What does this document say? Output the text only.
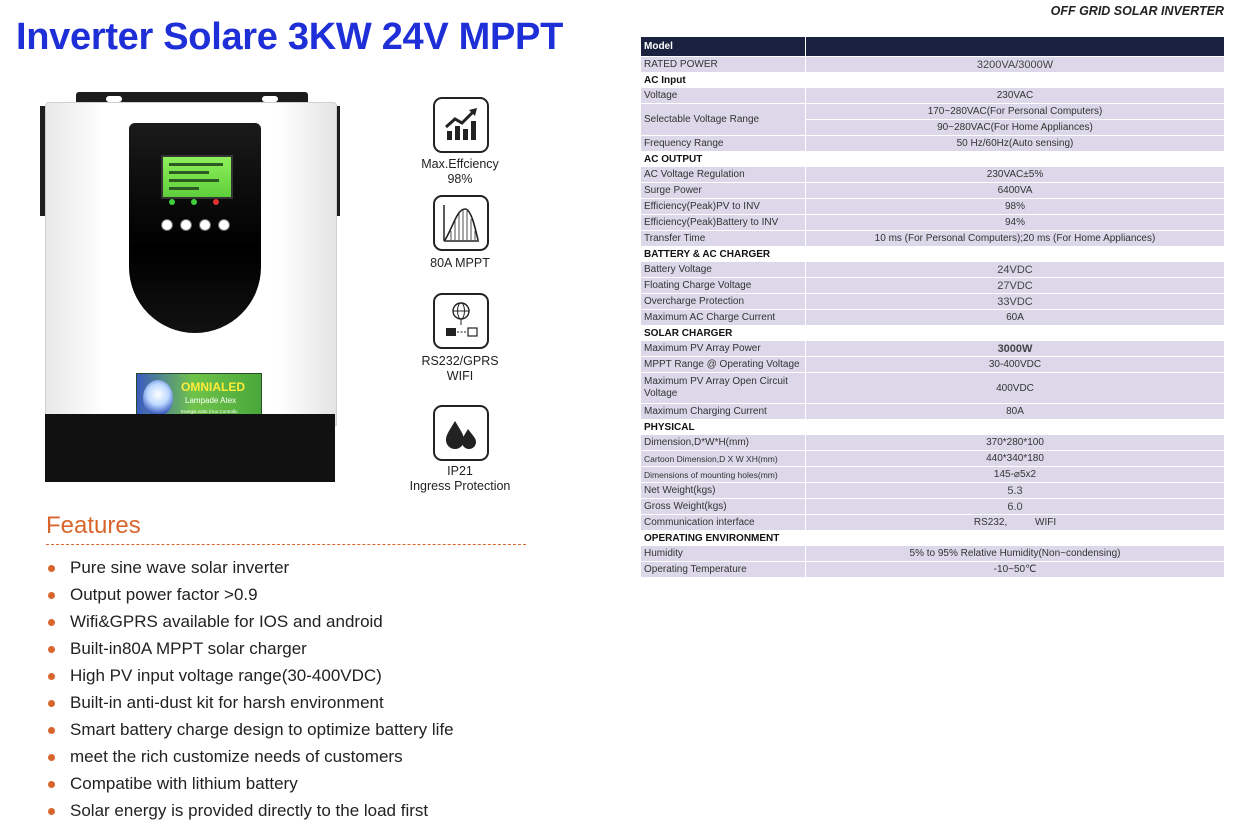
Inverter Solare 3KW 24V MPPT
OFF GRID SOLAR INVERTER
OMNIALED
Lampade Atex
Energia sotto il tuo Controllo
Max.Effciency
98%
80A MPPT
RS232/GPRS
WIFI
IP21
Ingress Protection
Features
Pure sine wave solar inverter
Output power factor >0.9
Wifi&GPRS available for IOS and android
Built-in80A MPPT solar charger
High PV input voltage range(30-400VDC)
Built-in anti-dust kit for harsh environment
Smart battery charge design to optimize battery life
meet the rich customize needs of customers
Compatibe with lithium battery
Solar energy is provided directly to the load first
Model	
RATED POWER	3200VA/3000W
AC Input	
Voltage	230VAC
Selectable Voltage Range	170~280VAC(For Personal Computers)
90~280VAC(For Home Appliances)

Frequency Range	50 Hz/60Hz(Auto sensing)
AC OUTPUT	
AC Voltage Regulation	230VAC±5%
Surge Power	6400VA
Efficiency(Peak)PV to INV	98%
Efficiency(Peak)Battery to INV	94%
Transfer Time	10 ms (For Personal Computers);20 ms (For Home Appliances)
BATTERY & AC CHARGER	
Battery Voltage	24VDC
Floating Charge Voltage	27VDC
Overcharge Protection	33VDC
Maximum AC Charge Current	60A
SOLAR CHARGER	
Maximum PV Array Power	3000W
MPPT Range @ Operating Voltage	30-400VDC
Maximum PV Array Open Circuit Voltage	400VDC
Maximum Charging Current	80A
PHYSICAL	
Dimension,D*W*H(mm)	370*280*100
Cartoon Dimension,D X W XH(mm)	440*340*180
Dimensions of mounting holes(mm)	145-⌀5x2
Net Weight(kgs)	5.3
Gross Weight(kgs)	6.0
Communication interface	RS232,          WIFI
OPERATING ENVIRONMENT	
Humidity	5% to 95% Relative Humidity(Non~condensing)
Operating Temperature	-10~50℃
